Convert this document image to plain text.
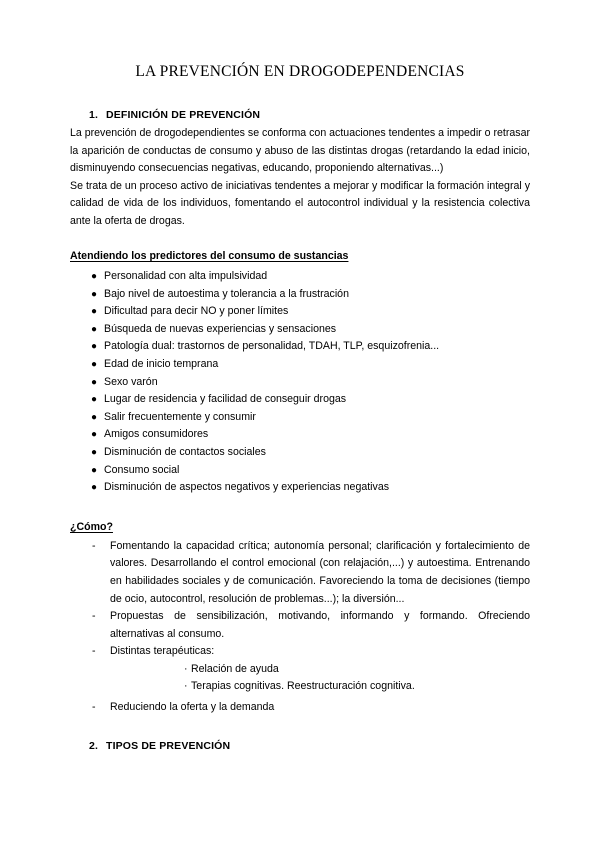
LA PREVENCIÓN EN DROGODEPENDENCIAS
1. DEFINICIÓN DE PREVENCIÓN

La prevención de drogodependientes se conforma con actuaciones tendentes a impedir o retrasar la aparición de conductas de consumo y abuso de las distintas drogas (retardando la edad inicio, disminuyendo consecuencias negativas, educando, proponiendo alternativas...)

Se trata de un proceso activo de iniciativas tendentes a mejorar y modificar la formación integral y calidad de vida de los individuos, fomentando el autocontrol individual y la resistencia colectiva ante la oferta de drogas.

Atendiendo los predictores del consumo de sustancias
● Personalidad con alta impulsividad
● Bajo nivel de autoestima y tolerancia a la frustración
● Dificultad para decir NO y poner límites
● Búsqueda de nuevas experiencias y sensaciones
● Patología dual: trastornos de personalidad, TDAH, TLP, esquizofrenia...
● Edad de inicio temprana
● Sexo varón
● Lugar de residencia y facilidad de conseguir drogas
● Salir frecuentemente y consumir
● Amigos consumidores
● Disminución de contactos sociales
● Consumo social
● Disminución de aspectos negativos y experiencias negativas
¿Cómo?
- Fomentando la capacidad crítica; autonomía personal; clarificación y fortalecimiento de valores. Desarrollando el control emocional (con relajación,...) y autoestima. Entrenando en habilidades sociales y de comunicación. Favoreciendo la toma de decisiones (tiempo de ocio, autocontrol, resolución de problemas...); la diversión...
- Propuestas de sensibilización, motivando, informando y formando. Ofreciendo alternativas al consumo.
- Distintas terapéuticas:
· Relación de ayuda
· Terapias cognitivas. Reestructuración cognitiva.
- Reduciendo la oferta y la demanda
2. TIPOS DE PREVENCIÓN
